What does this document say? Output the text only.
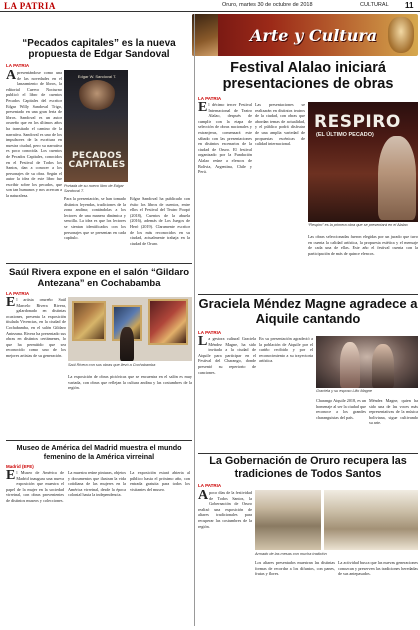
LA PATRIA	Oruro, martes 30 de octubre de 2018	CULTURAL 11
Arte y Cultura
“Pecados capitales” es la nueva propuesta de Edgar Sandoval
LA PATRIA
Apresentándose como una de las novedades en el lanzamiento de libros, la editorial Cuervo Nocturno publicó el libro de cuentos Pecados Capitales del escritor Edgar Willy Sandoval Trigo, presentado en una gran feria de libros. Sandoval es un autor orureño que en los últimos años ha transitado el camino de la narrativa. Sandoval es uno de los impulsores de la escritura en nuestra ciudad, pero su narrativa es poco conocida. Los cuentos de Pecados Capitales, conocidos en el Festival de Todos los Santos, dan a conocer a los personajes de su obra. Según el autor la idea de este libro fue escribir sobre los pecados, que son tan humanos y nos acercan a la naturaleza.
Edgar W. Sandoval T.
PECADOS CAPITALES
Portada de su nuevo libro de Edgar Sandoval T.
Para la presentación, se han tomado distintos leyendas, tradiciones de la zona andina; contándolas a los lectores de una manera dinámica y sencilla. La idea es que los lectores se sientan identificados con los personajes que se presentan en cada capítulo.
Edgar Sandoval ha publicado con éxito los libros de cuentos, entre ellos el Festival del Teatro Poopó (2018), Cuentos de la abuela (2016), además de Los Juegos de Heró (2019). Claramente escritor de los más reconocidos en su ciudad, actualmente trabaja en la ciudad de Oruro.
Saúl Rivera expone en el salón “Gildaro Antezana” en Cochabamba
LA PATRIA
El artista orureño Saúl Marcelo Rivera Rivera, galardonado en distintas ocasiones, presenta la exposición titulada Vivencias, en la ciudad de Cochabamba, en el salón Gildaro Antezana. Rivera ha presentado sus obras en distintos certámenes, lo que ha permitido que sea reconocido como uno de los mejores artistas de su generación.
Saúl Rivera con sus obras que llevó a Cochabamba
La exposición de obras pictóricas que se encuentra en el salón es muy variada, con obras que reflejan la cultura andina y las costumbres de la región.
Museo de América del Madrid muestra el mundo femenino de la América virreinal
Madrid (EFE)
El Museo de América de Madrid inaugura una nueva exposición que muestra el papel de la mujer en la sociedad virreinal, con obras provenientes de distintos museos y colecciones.
La muestra reúne pinturas, objetos y documentos que ilustran la vida cotidiana de las mujeres en la América virreinal, desde la época colonial hasta la independencia.
La exposición estará abierta al público hasta el próximo año, con entrada gratuita para todos los visitantes del museo.
Festival Alalao iniciará presentaciones de obras
LA PATRIA
El décimo tercer Festival Internacional de Teatro Alalao, después de cumplir con la etapa de selección de obras nacionales y extranjeras, comenzará este sábado con las presentaciones en distintos escenarios de la ciudad de Oruro. El festival organizado por la Fundación Alalao reúne a elencos de Bolivia, Argentina, Chile y Perú.
Las presentaciones se realizarán en distintos teatros de la ciudad, con obras que abordan temas de actualidad, y el público podrá disfrutar de una amplia variedad de propuestas escénicas de calidad internacional.
RESPIRO
(EL ÚLTIMO PECADO)
“Respiro” es la primera obra que se presentará en el Alalao
Las obras seleccionadas fueron elegidas por un jurado que tuvo en cuenta la calidad artística, la propuesta estética y el mensaje de cada una de ellas. Este año el festival cuenta con la participación de más de quince elencos.
Graciela Méndez Magne agradece a Aiquile cantando
LA PATRIA
La gestora cultural Graciela Méndez Magne, ha sido invitada a la ciudad de Aiquile para participar en el Festival del Charango, donde presentó su repertorio de canciones.
En su presentación agradeció a la población de Aiquile por el cariño recibido y por el reconocimiento a su trayectoria artística.
Graciela y su esposo Lilio Magne
Charango Aiquile 2018, es un homenaje al ser la ciudad que reconoce a los grandes charanguistas del país.
Méndez Magne, quien ha sido una de las voces más representativas de la música boliviana, sigue cultivando su arte.
La Gobernación de Oruro recupera las tradiciones de Todos Santos
LA PATRIA
Apoco días de la festividad de Todos Santos, la Gobernación de Oruro realizó una exposición de altares tradicionales para recuperar las costumbres de la región.
Armado de las mesas con mucha tradición
Los altares presentados muestran las distintas formas de recordar a los difuntos, con panes, frutas y flores.
La actividad busca que las nuevas generaciones conozcan y preserven las tradiciones heredadas de sus antepasados.
